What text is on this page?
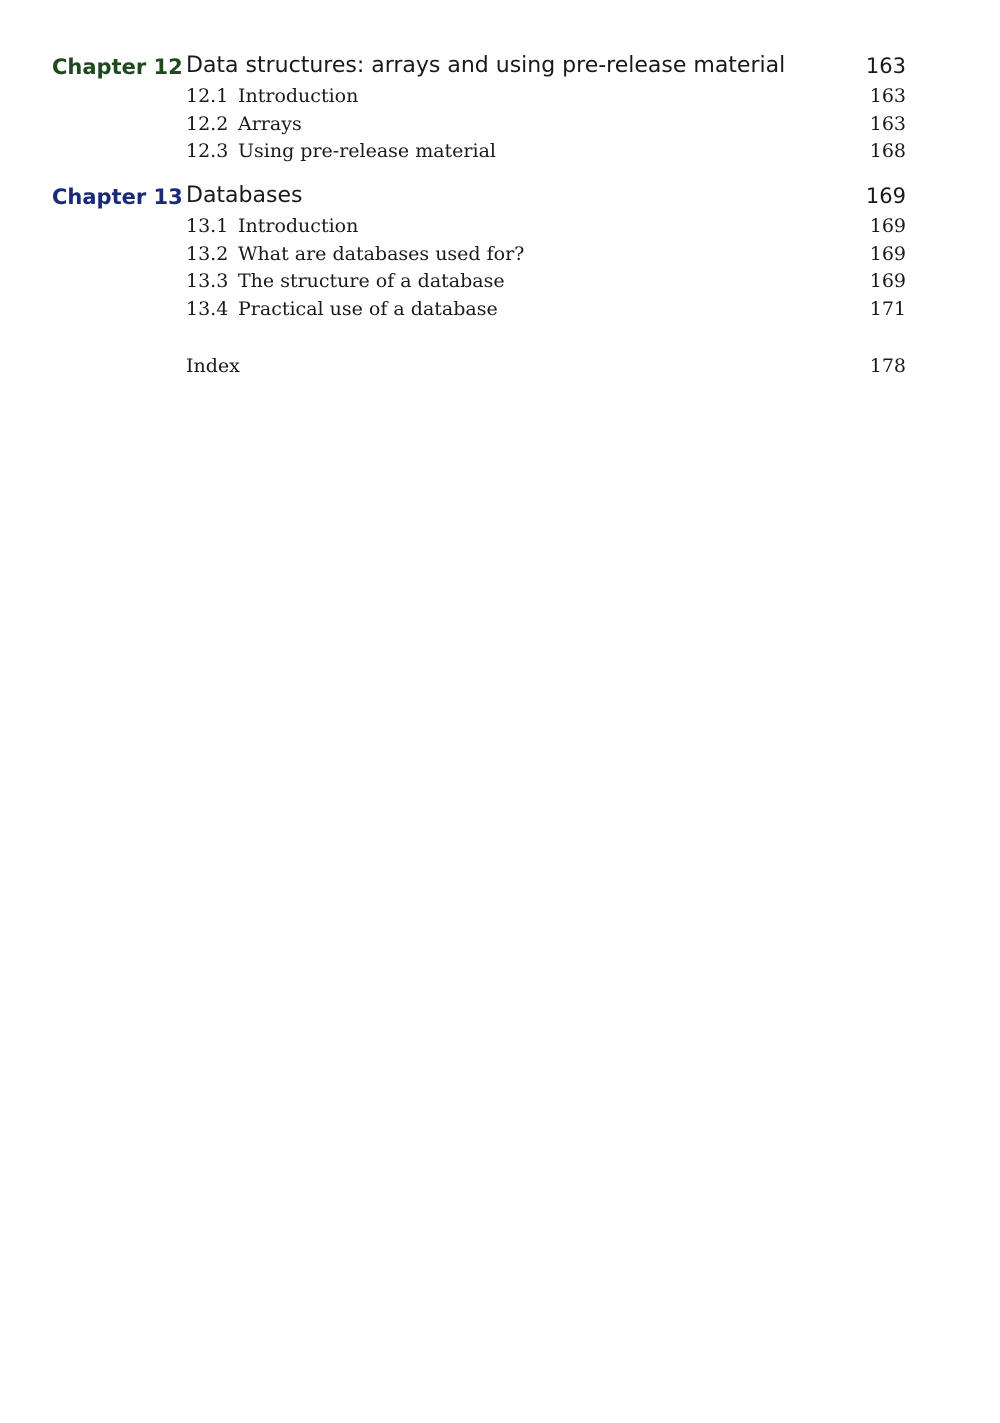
Chapter 12 Data structures: arrays and using pre-release material	163
12.1 Introduction	163
12.2 Arrays	163
12.3 Using pre-release material	168
Chapter 13 Databases	169
13.1 Introduction	169
13.2 What are databases used for?	169
13.3 The structure of a database	169
13.4 Practical use of a database	171
Index	178
